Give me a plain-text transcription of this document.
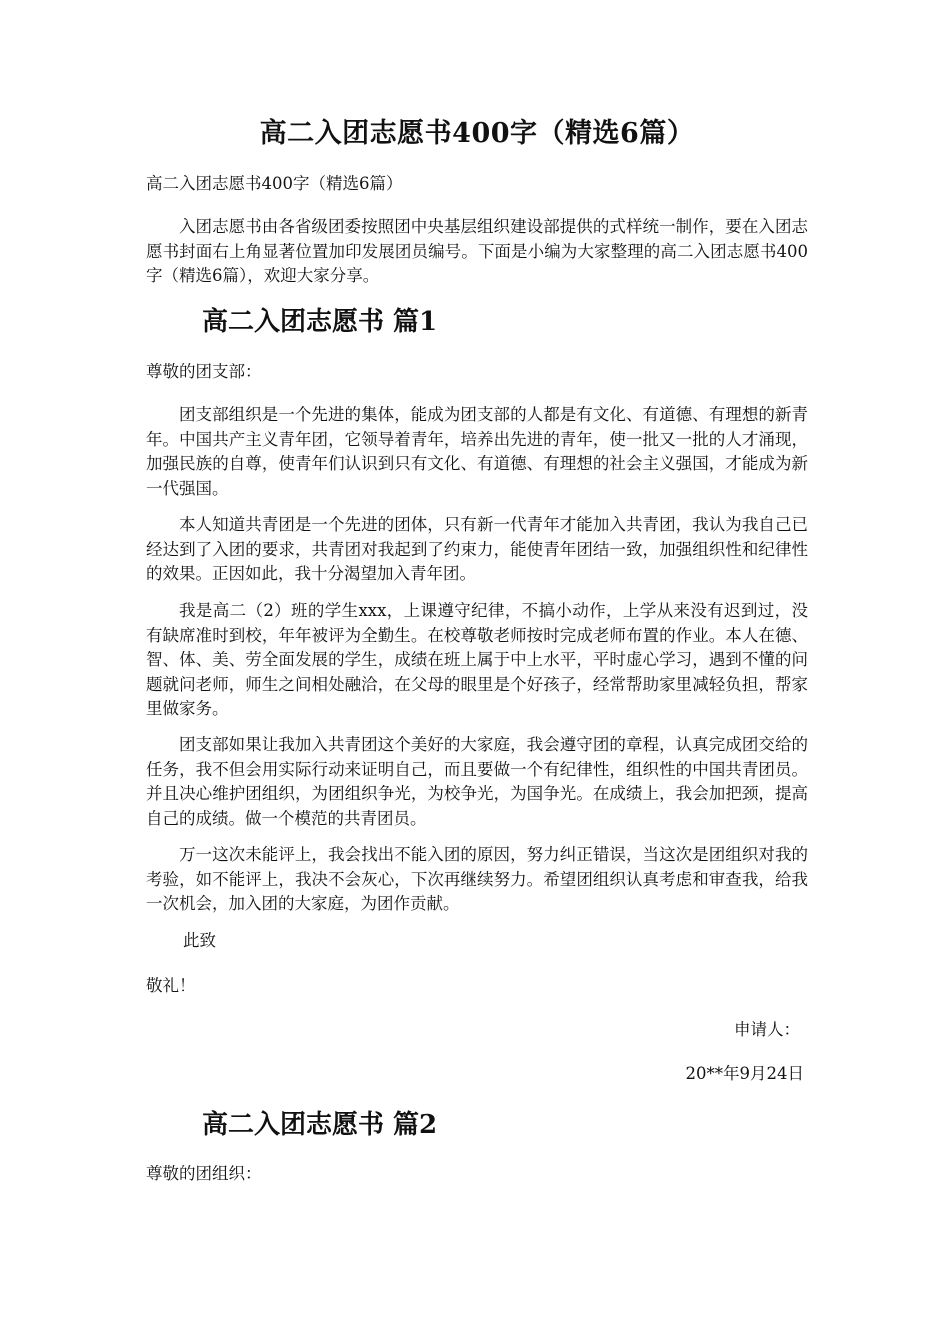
高二入团志愿书400字（精选6篇）
高二入团志愿书400字（精选6篇）
入团志愿书由各省级团委按照团中央基层组织建设部提供的式样统一制作，要在入团志愿书封面右上角显著位置加印发展团员编号。下面是小编为大家整理的高二入团志愿书400字（精选6篇），欢迎大家分享。
高二入团志愿书 篇1
尊敬的团支部：
团支部组织是一个先进的集体，能成为团支部的人都是有文化、有道德、有理想的新青年。中国共产主义青年团，它领导着青年，培养出先进的青年，使一批又一批的人才涌现，加强民族的自尊，使青年们认识到只有文化、有道德、有理想的社会主义强国，才能成为新一代强国。
本人知道共青团是一个先进的团体，只有新一代青年才能加入共青团，我认为我自己已经达到了入团的要求，共青团对我起到了约束力，能使青年团结一致，加强组织性和纪律性的效果。正因如此，我十分渴望加入青年团。
我是高二（2）班的学生xxx，上课遵守纪律，不搞小动作，上学从来没有迟到过，没有缺席准时到校，年年被评为全勤生。在校尊敬老师按时完成老师布置的作业。本人在德、智、体、美、劳全面发展的学生，成绩在班上属于中上水平，平时虚心学习，遇到不懂的问题就问老师，师生之间相处融洽，在父母的眼里是个好孩子，经常帮助家里减轻负担，帮家里做家务。
团支部如果让我加入共青团这个美好的大家庭，我会遵守团的章程，认真完成团交给的任务，我不但会用实际行动来证明自己，而且要做一个有纪律性，组织性的中国共青团员。并且决心维护团组织，为团组织争光，为校争光，为国争光。在成绩上，我会加把颈，提高自己的成绩。做一个模范的共青团员。
万一这次未能评上，我会找出不能入团的原因，努力纠正错误，当这次是团组织对我的考验，如不能评上，我决不会灰心，下次再继续努力。希望团组织认真考虑和审查我，给我一次机会，加入团的大家庭，为团作贡献。
此致
敬礼！
申请人：
20**年9月24日
高二入团志愿书 篇2
尊敬的团组织：
